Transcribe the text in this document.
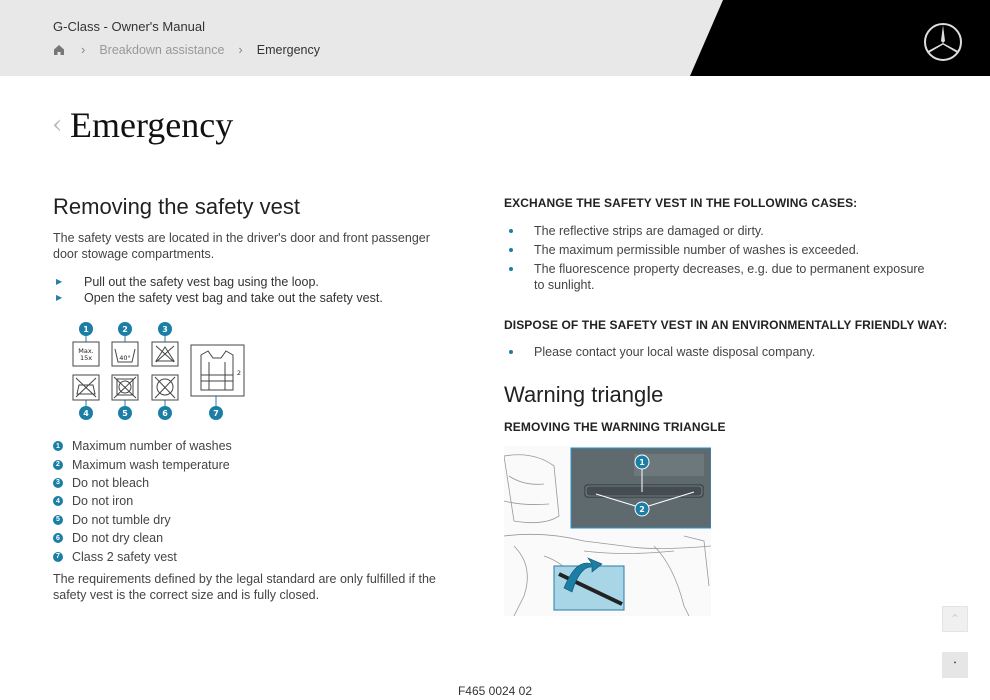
G-Class - Owner's Manual
› Breakdown assistance › Emergency
‹ Emergency
Removing the safety vest

The safety vests are located in the driver's door and front passenger door stowage compartments.

▶ Pull out the safety vest bag using the loop.
▶ Open the safety vest bag and take out the safety vest.
1	2	3
4	5	6	7
Max.
15x	40°
2
1 Maximum number of washes
2 Maximum wash temperature
3 Do not bleach
4 Do not iron
5 Do not tumble dry
6 Do not dry clean
7 Class 2 safety vest

The requirements defined by the legal standard are only fulfilled if the safety vest is the correct size and is fully closed.

EXCHANGE THE SAFETY VEST IN THE FOLLOWING CASES:
The reflective strips are damaged or dirty.
The maximum permissible number of washes is exceeded.
The fluorescence property decreases, e.g. due to permanent exposure to sunlight.
DISPOSE OF THE SAFETY VEST IN AN ENVIRONMENTALLY FRIENDLY WAY:
Please contact your local waste disposal company.
Warning triangle
REMOVING THE WARNING TRIANGLE
1
2
F465 0024 02
⌃
ᱸ
